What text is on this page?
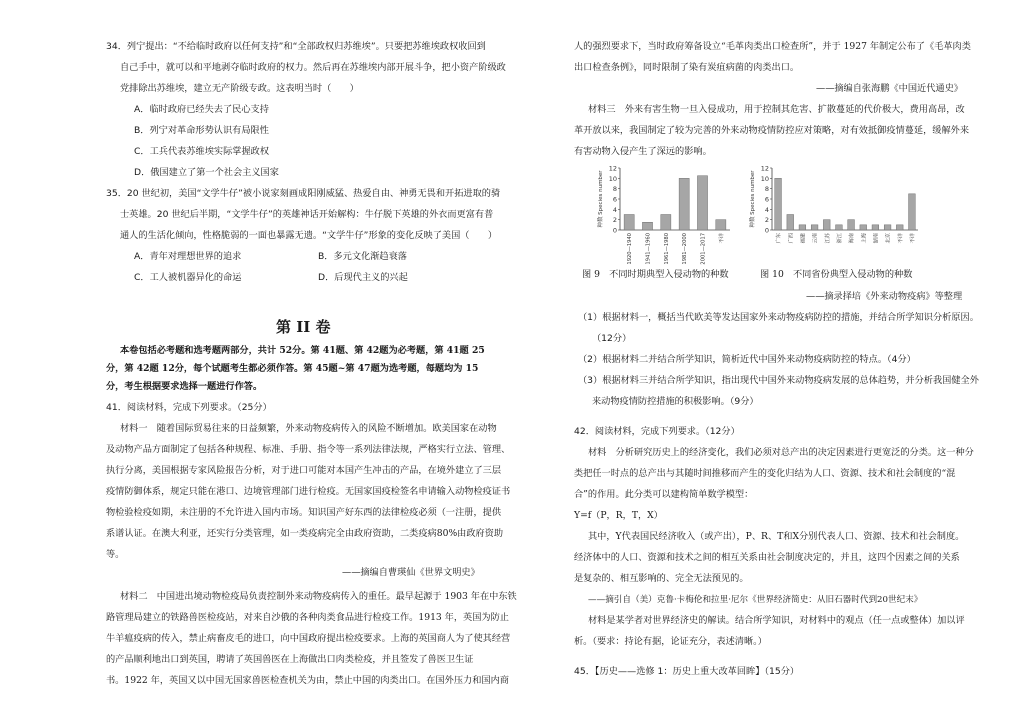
34．列宁提出：“不给临时政府以任何支持”和“全部政权归苏维埃”。只要把苏维埃政权收回到
自己手中，就可以和平地剥夺临时政府的权力。然后再在苏维埃内部开展斗争，把小资产阶级政
党排除出苏维埃，建立无产阶级专政。这表明当时（　　）
A．临时政府已经失去了民心支持
B．列宁对革命形势认识有局限性
C．工兵代表苏维埃实际掌握政权
D．俄国建立了第一个社会主义国家
35．20 世纪初，美国“文学牛仔”被小说家刻画成阳刚威猛、热爱自由、神勇无畏和开拓进取的骑
士英雄。20 世纪后半期，“文学牛仔”的英雄神话开始解构：牛仔脱下英雄的外衣而更富有普
通人的生活化倾向，性格脆弱的一面也暴露无遗。“文学牛仔”形象的变化反映了美国（　　）
A．青年对理想世界的追求	B．多元文化渐趋衰落
C．工人被机器异化的命运	D．后现代主义的兴起
第 II 卷
本卷包括必考题和选考题两部分，共计 52分。第 41题、第 42题为必考题，第 41题 25
分，第 42题 12分，每个试题考生都必须作答。第 45题~第 47题为选考题，每题均为 15
分，考生根据要求选择一题进行作答。
41．阅读材料，完成下列要求。（25分）
材料一　随着国际贸易往来的日益频繁，外来动物疫病传入的风险不断增加。欧美国家在动物
及动物产品方面制定了包括各种规程、标准、手册、指令等一系列法律法规，严格实行立法、管理、
执行分离，美国根据专家风险报告分析，对于进口可能对本国产生冲击的产品，在境外建立了三层
疫情防御体系，规定只能在港口、边境管理部门进行检疫。无国家国疫检签名申请输入动物检疫证书
物检验检疫如期，未注册的不允许进入国内市场。知识国产好东西的法律检疫必须（一注册，提供
系谱认证。在澳大利亚，还实行分类管理，如一类疫病完全由政府资助，二类疫病80%由政府资助
等。
——摘编自曹瑛仙《世界文明史》
材料二　中国进出境动物检疫局负责控制外来动物疫病传入的重任。最早起源于 1903 年在中东铁
路管理局建立的铁路兽医检疫站，对来自沙俄的各种肉类食品进行检疫工作。1913 年，英国为防止
牛羊瘟疫病的传入，禁止病畜皮毛的进口，向中国政府提出检疫要求。上海的英国商人为了使其经营
的产品顺利地出口到英国，聘请了英国兽医在上海做出口肉类检疫，并且签发了兽医卫生证
书。1922 年，英国又以中国无国家兽医检查机关为由，禁止中国的肉类出口。在国外压力和国内商
人的强烈要求下，当时政府筹备设立“毛革肉类出口检查所”，并于 1927 年制定公布了《毛革肉类
出口检查条例》，同时限制了染有炭疽病菌的肉类出口。
——摘编自张海鹏《中国近代通史》
材料三　外来有害生物一旦入侵成功，用于控制其危害、扩散蔓延的代价极大，费用高昂，改
革开放以来，我国制定了较为完善的外来动物疫情防控应对策略，对有效抵御疫情蔓延，缓解外来
有害动物入侵产生了深远的影响。
0
2
4
6
8
10
12
种数 Species number
1920—1940 1941—1960 1961—1980 1981—2000 2001—2017	不详
0
2
4
6
8
10
12
种数 Species number
广东	广西	福建	云南	江苏	浙江	海南	上海	湖南	北京	不详	不详
图 9　不同时期典型入侵动物的种数	图 10　不同省份典型入侵动物的种数
——摘录择培《外来动物疫病》等整理
（1）根据材料一，概括当代欧美等发达国家外来动物疫病防控的措施，并结合所学知识分析原因。
（12分）
（2）根据材料二并结合所学知识，简析近代中国外来动物疫病防控的特点。（4分）
（3）根据材料三并结合所学知识，指出现代中国外来动物疫病发展的总体趋势，并分析我国健全外
来动物疫情防控措施的积极影响。（9分）
42．阅读材料，完成下列要求。（12分）
材料　分析研究历史上的经济变化，我们必须对总产出的决定因素进行更宽泛的分类。这一种分
类把任一时点的总产出与其随时间推移而产生的变化归结为人口、资源、技术和社会制度的“混
合”的作用。此分类可以建构简单数学模型：
Y=f（P，R，T，X）
其中，Y代表国民经济收入（或产出），P、R、T和X分别代表人口、资源、技术和社会制度。
经济体中的人口、资源和技术之间的相互关系由社会制度决定的，并且，这四个因素之间的关系
是复杂的、相互影响的、完全无法预见的。
——摘引自（美）克鲁·卡梅伦和拉里·尼尔《世界经济简史：从旧石器时代到20世纪末》
材料是某学者对世界经济史的解读。结合所学知识，对材料中的观点（任一点或整体）加以评
析。（要求：持论有据，论证充分，表述清晰。）
45．【历史——选修 1：历史上重大改革回眸】（15分）
